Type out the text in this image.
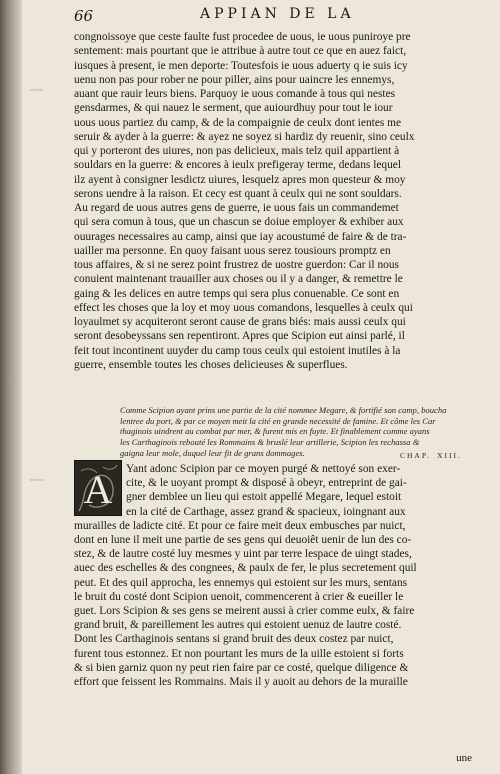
≈≈≈≈
≈≈≈≈
66	APPIAN DE LA
congnoissoye que ceste faulte fust procedee de uous, ie uous puniroye pre
sentement: mais pourtant que ie attribue à autre tout ce que en auez faict,
iusques à present, ie men deporte: Toutesfois ie uous aduerty q ie suis icy
uenu non pas pour rober ne pour piller, ains pour uaincre les ennemys,
auant que rauir leurs biens. Parquoy ie uous comande à tous qui nestes
gensdarmes, & qui nauez le serment, que auiourdhuy pour tout le iour
uous uous partiez du camp, & de la compaignie de ceulx dont ientes me
seruir & ayder à la guerre: & ayez ne soyez si hardiz dy reuenir, sino ceulx
qui y porteront des uiures, non pas delicieux, mais telz quil appartient à
souldars en la guerre: & encores à ieulx prefigeray terme, dedans lequel
ilz ayent à consigner lesdictz uiures, lesquelz apres mon questeur & moy
serons uendre à la raison. Et cecy est quant à ceulx qui ne sont souldars.
Au regard de uous autres gens de guerre, ie uous fais un commandemet
qui sera comun à tous, que un chascun se doiue employer & exhiber aux
ouurages necessaires au camp, ainsi que iay acoustumé de faire & de tra-
uailler ma personne. En quoy faisant uous serez tousiours promptz en
tous affaires, & si ne serez point frustrez de uostre guerdon: Car il nous
conuient maintenant trauailler aux choses ou il y a danger, & remettre le
gaing & les delices en autre temps qui sera plus conuenable. Ce sont en
effect les choses que la loy et moy uous comandons, lesquelles à ceulx qui
loyaulmet sy acquiteront seront cause de grans biés: mais aussi ceulx qui
seront desobeyssans sen repentiront. Apres que Scipion eut ainsi parlé, il
feit tout incontinent uuyder du camp tous ceulx qui estoient inutiles à la
guerre, ensemble toutes les choses delicieuses & superflues.
Comme Scipion ayant prins une partie de la cité nommee Megare, & fortifié son camp, boucha
lentree du port, & par ce moyen meit la cité en grande necessité de famine. Et côme les Car
thaginois uindrent au combat par mer, & furent mis en fuyte. Et finablement comme ayans
les Carthaginois rebouté les Rommains & bruslé leur artillerie, Scipion les rechassa &
gaigna leur mole, duquel leur fit de grans dommages.	CHAP. XIII.
A	Yant adonc Scipion par ce moyen purgé & nettoyé son exer-
cite, & le uoyant prompt & disposé à obeyr, entreprint de gai-
gner demblee un lieu qui estoit appellé Megare, lequel estoit
en la cité de Carthage, assez grand & spacieux, ioingnant aux
murailles de ladicte cité. Et pour ce faire meit deux embusches par nuict,
dont en lune il meit une partie de ses gens qui deuoiêt uenir de lun des co-
stez, & de lautre costé luy mesmes y uint par terre lespace de uingt stades,
auec des eschelles & des congnees, & paulx de fer, le plus secretement quil
peut. Et des quil approcha, les ennemys qui estoient sur les murs, sentans
le bruit du costé dont Scipion uenoit, commencerent à crier & eueiller le
guet. Lors Scipion & ses gens se meirent aussi à crier comme eulx, & faire
grand bruit, & pareillement les autres qui estoient uenuz de lautre costé.
Dont les Carthaginois sentans si grand bruit des deux costez par nuict,
furent tous estonnez. Et non pourtant les murs de la uille estoient si forts
& si bien garniz quon ny peut rien faire par ce costé, quelque diligence &
effort que feissent les Rommains. Mais il y auoit au dehors de la muraille
une
